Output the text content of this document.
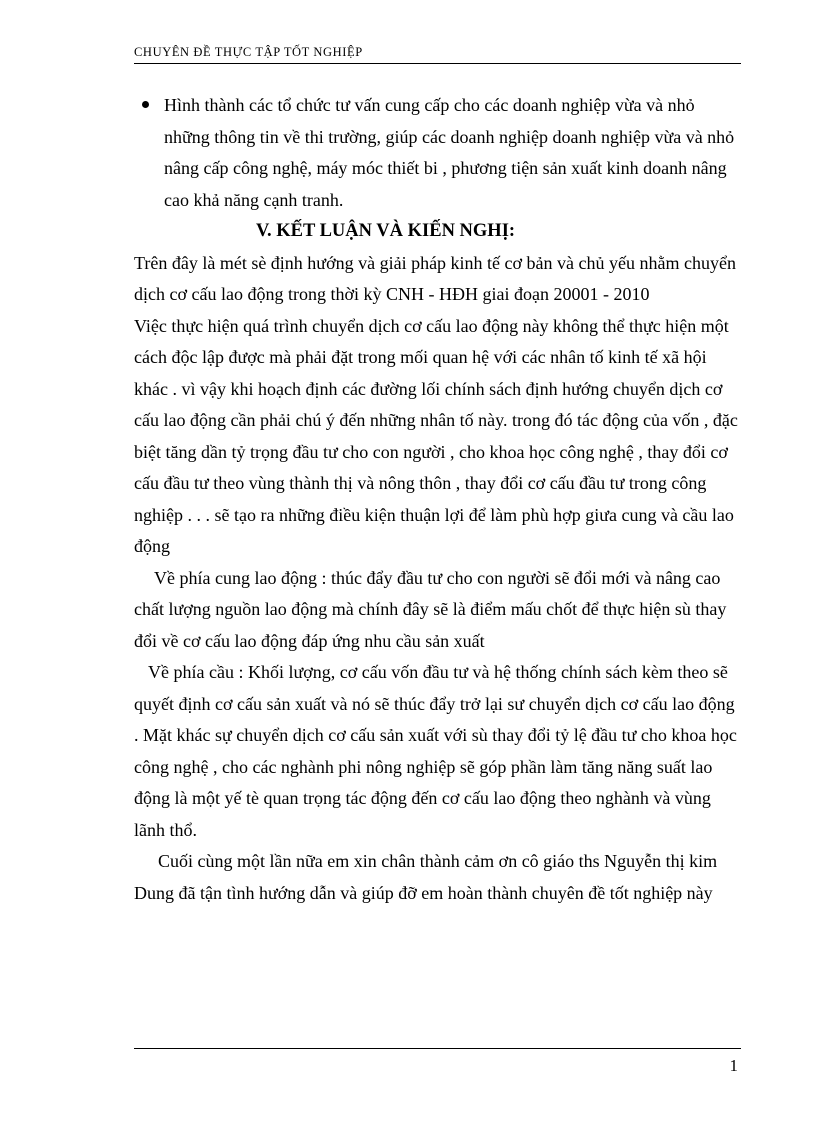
CHUYÊN ĐỀ THỰC TẬP TỐT NGHIỆP
Hình thành các tổ chức tư vấn cung cấp cho các doanh nghiệp vừa và nhỏ những thông tin về thi trường, giúp các doanh nghiệp doanh nghiệp vừa và nhỏ nâng cấp công nghệ, máy móc thiết bi , phương tiện sản xuất kinh doanh nâng cao khả năng cạnh tranh.
V. KẾT LUẬN VÀ KIẾN NGHỊ:

Trên đây là mét sè định hướng và giải pháp kinh tế cơ bản và chủ yếu nhằm chuyển dịch cơ cấu lao động trong thời kỳ CNH - HĐH giai đoạn 20001 - 2010

Việc thực hiện quá trình chuyển dịch cơ cấu lao động này không thể thực hiện một cách độc lập được mà phải đặt trong mối quan hệ với các nhân tố kinh tế xã hội khác . vì vậy khi hoạch định các đường lối chính sách định hướng chuyển dịch cơ cấu lao động cần phải chú ý đến những nhân tố này. trong đó tác động của vốn , đặc biệt tăng dần tỷ trọng đầu tư cho con người , cho khoa học công nghệ , thay đổi cơ cấu đầu tư theo vùng thành thị và nông thôn , thay đổi cơ cấu đầu tư trong công nghiệp . . . sẽ tạo ra những điều kiện thuận lợi để làm phù hợp giưa cung và cầu lao động

Về phía cung lao động : thúc đẩy đầu tư cho con người sẽ đổi mới và nâng cao chất lượng nguồn lao động mà chính đây sẽ là điểm mấu chốt để thực hiện sù thay đổi về cơ cấu lao động đáp ứng nhu cầu sản xuất

Về phía cầu : Khối lượng, cơ cấu vốn đầu tư và hệ thống chính sách kèm theo sẽ quyết định cơ cấu sản xuất và nó sẽ thúc đẩy trở lại sư chuyển dịch cơ cấu lao động . Mặt khác sự chuyển dịch cơ cấu sản xuất với sù thay đổi tỷ lệ đầu tư cho khoa học công nghệ , cho các nghành phi nông nghiệp sẽ góp phần làm tăng năng suất lao động là một yế tè quan trọng tác động đến cơ cấu lao động theo nghành và vùng lãnh thổ.

Cuối cùng một lần nữa em xin chân thành cảm ơn cô giáo ths Nguyễn thị kim Dung đã tận tình hướng dẫn và giúp đỡ em hoàn thành chuyên đề tốt nghiệp này

1
